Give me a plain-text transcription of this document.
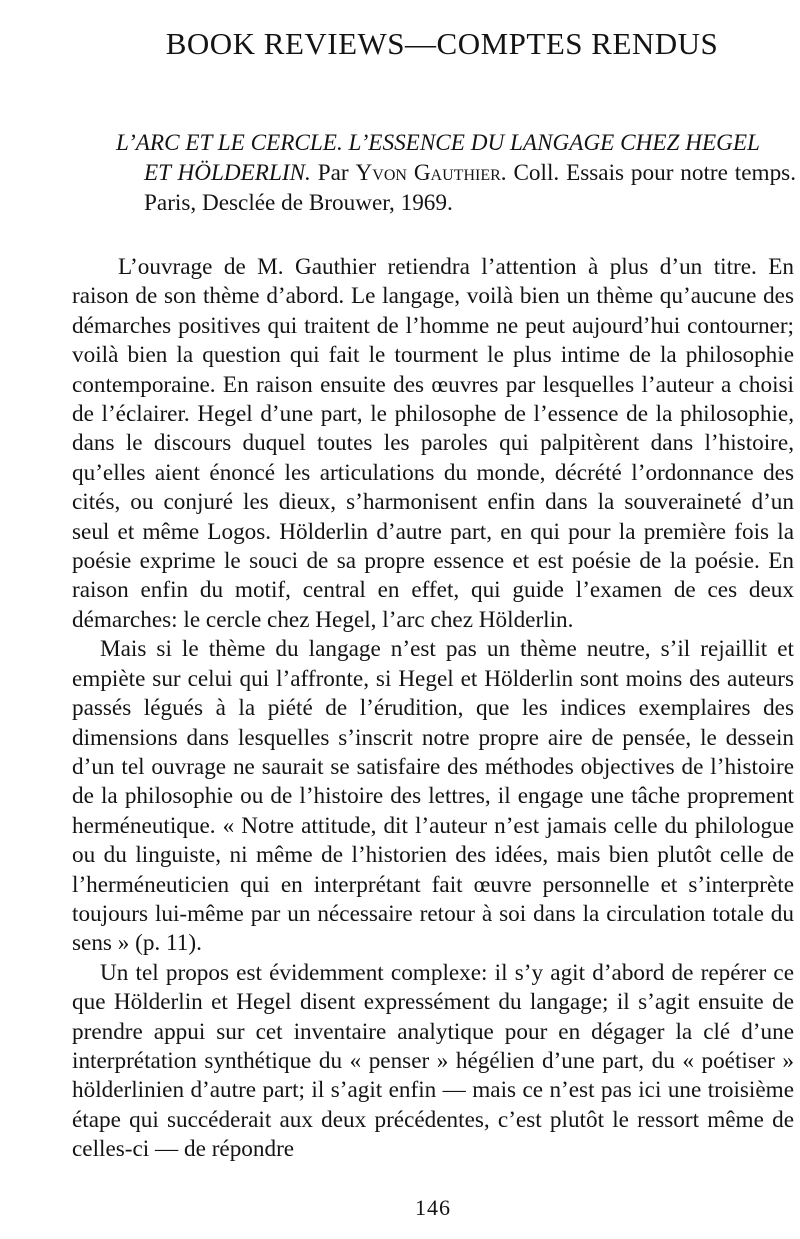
BOOK REVIEWS—COMPTES RENDUS

L’ARC ET LE CERCLE. L’ESSENCE DU LANGAGE CHEZ HEGEL
ET HÖLDERLIN. Par Yvon Gauthier. Coll. Essais pour notre temps. Paris, Desclée de Brouwer, 1969.

L’ouvrage de M. Gauthier retiendra l’attention à plus d’un titre. En raison de son thème d’abord. Le langage, voilà bien un thème qu’aucune des démarches positives qui traitent de l’homme ne peut aujourd’hui contourner; voilà bien la question qui fait le tourment le plus intime de la philosophie contemporaine. En raison ensuite des œuvres par lesquelles l’auteur a choisi de l’éclairer. Hegel d’une part, le philosophe de l’essence de la philosophie, dans le discours duquel toutes les paroles qui palpitèrent dans l’histoire, qu’elles aient énoncé les articulations du monde, décrété l’ordonnance des cités, ou conjuré les dieux, s’harmonisent enfin dans la souveraineté d’un seul et même Logos. Hölderlin d’autre part, en qui pour la première fois la poésie exprime le souci de sa propre essence et est poésie de la poésie. En raison enfin du motif, central en effet, qui guide l’examen de ces deux démarches: le cercle chez Hegel, l’arc chez Hölderlin.

Mais si le thème du langage n’est pas un thème neutre, s’il rejaillit et empiète sur celui qui l’affronte, si Hegel et Hölderlin sont moins des auteurs passés légués à la piété de l’érudition, que les indices exemplaires des dimensions dans lesquelles s’inscrit notre propre aire de pensée, le dessein d’un tel ouvrage ne saurait se satisfaire des méthodes objectives de l’histoire de la philosophie ou de l’histoire des lettres, il engage une tâche proprement herméneutique. « Notre attitude, dit l’auteur n’est jamais celle du philologue ou du linguiste, ni même de l’historien des idées, mais bien plutôt celle de l’herméneuticien qui en interprétant fait œuvre personnelle et s’interprète toujours lui-même par un nécessaire retour à soi dans la circulation totale du sens » (p. 11).

Un tel propos est évidemment complexe: il s’y agit d’abord de repérer ce que Hölderlin et Hegel disent expressément du langage; il s’agit ensuite de prendre appui sur cet inventaire analytique pour en dégager la clé d’une interprétation synthétique du « penser » hégélien d’une part, du « poétiser » hölderlinien d’autre part; il s’agit enfin — mais ce n’est pas ici une troisième étape qui succéderait aux deux précédentes, c’est plutôt le ressort même de celles-ci — de répondre

146
